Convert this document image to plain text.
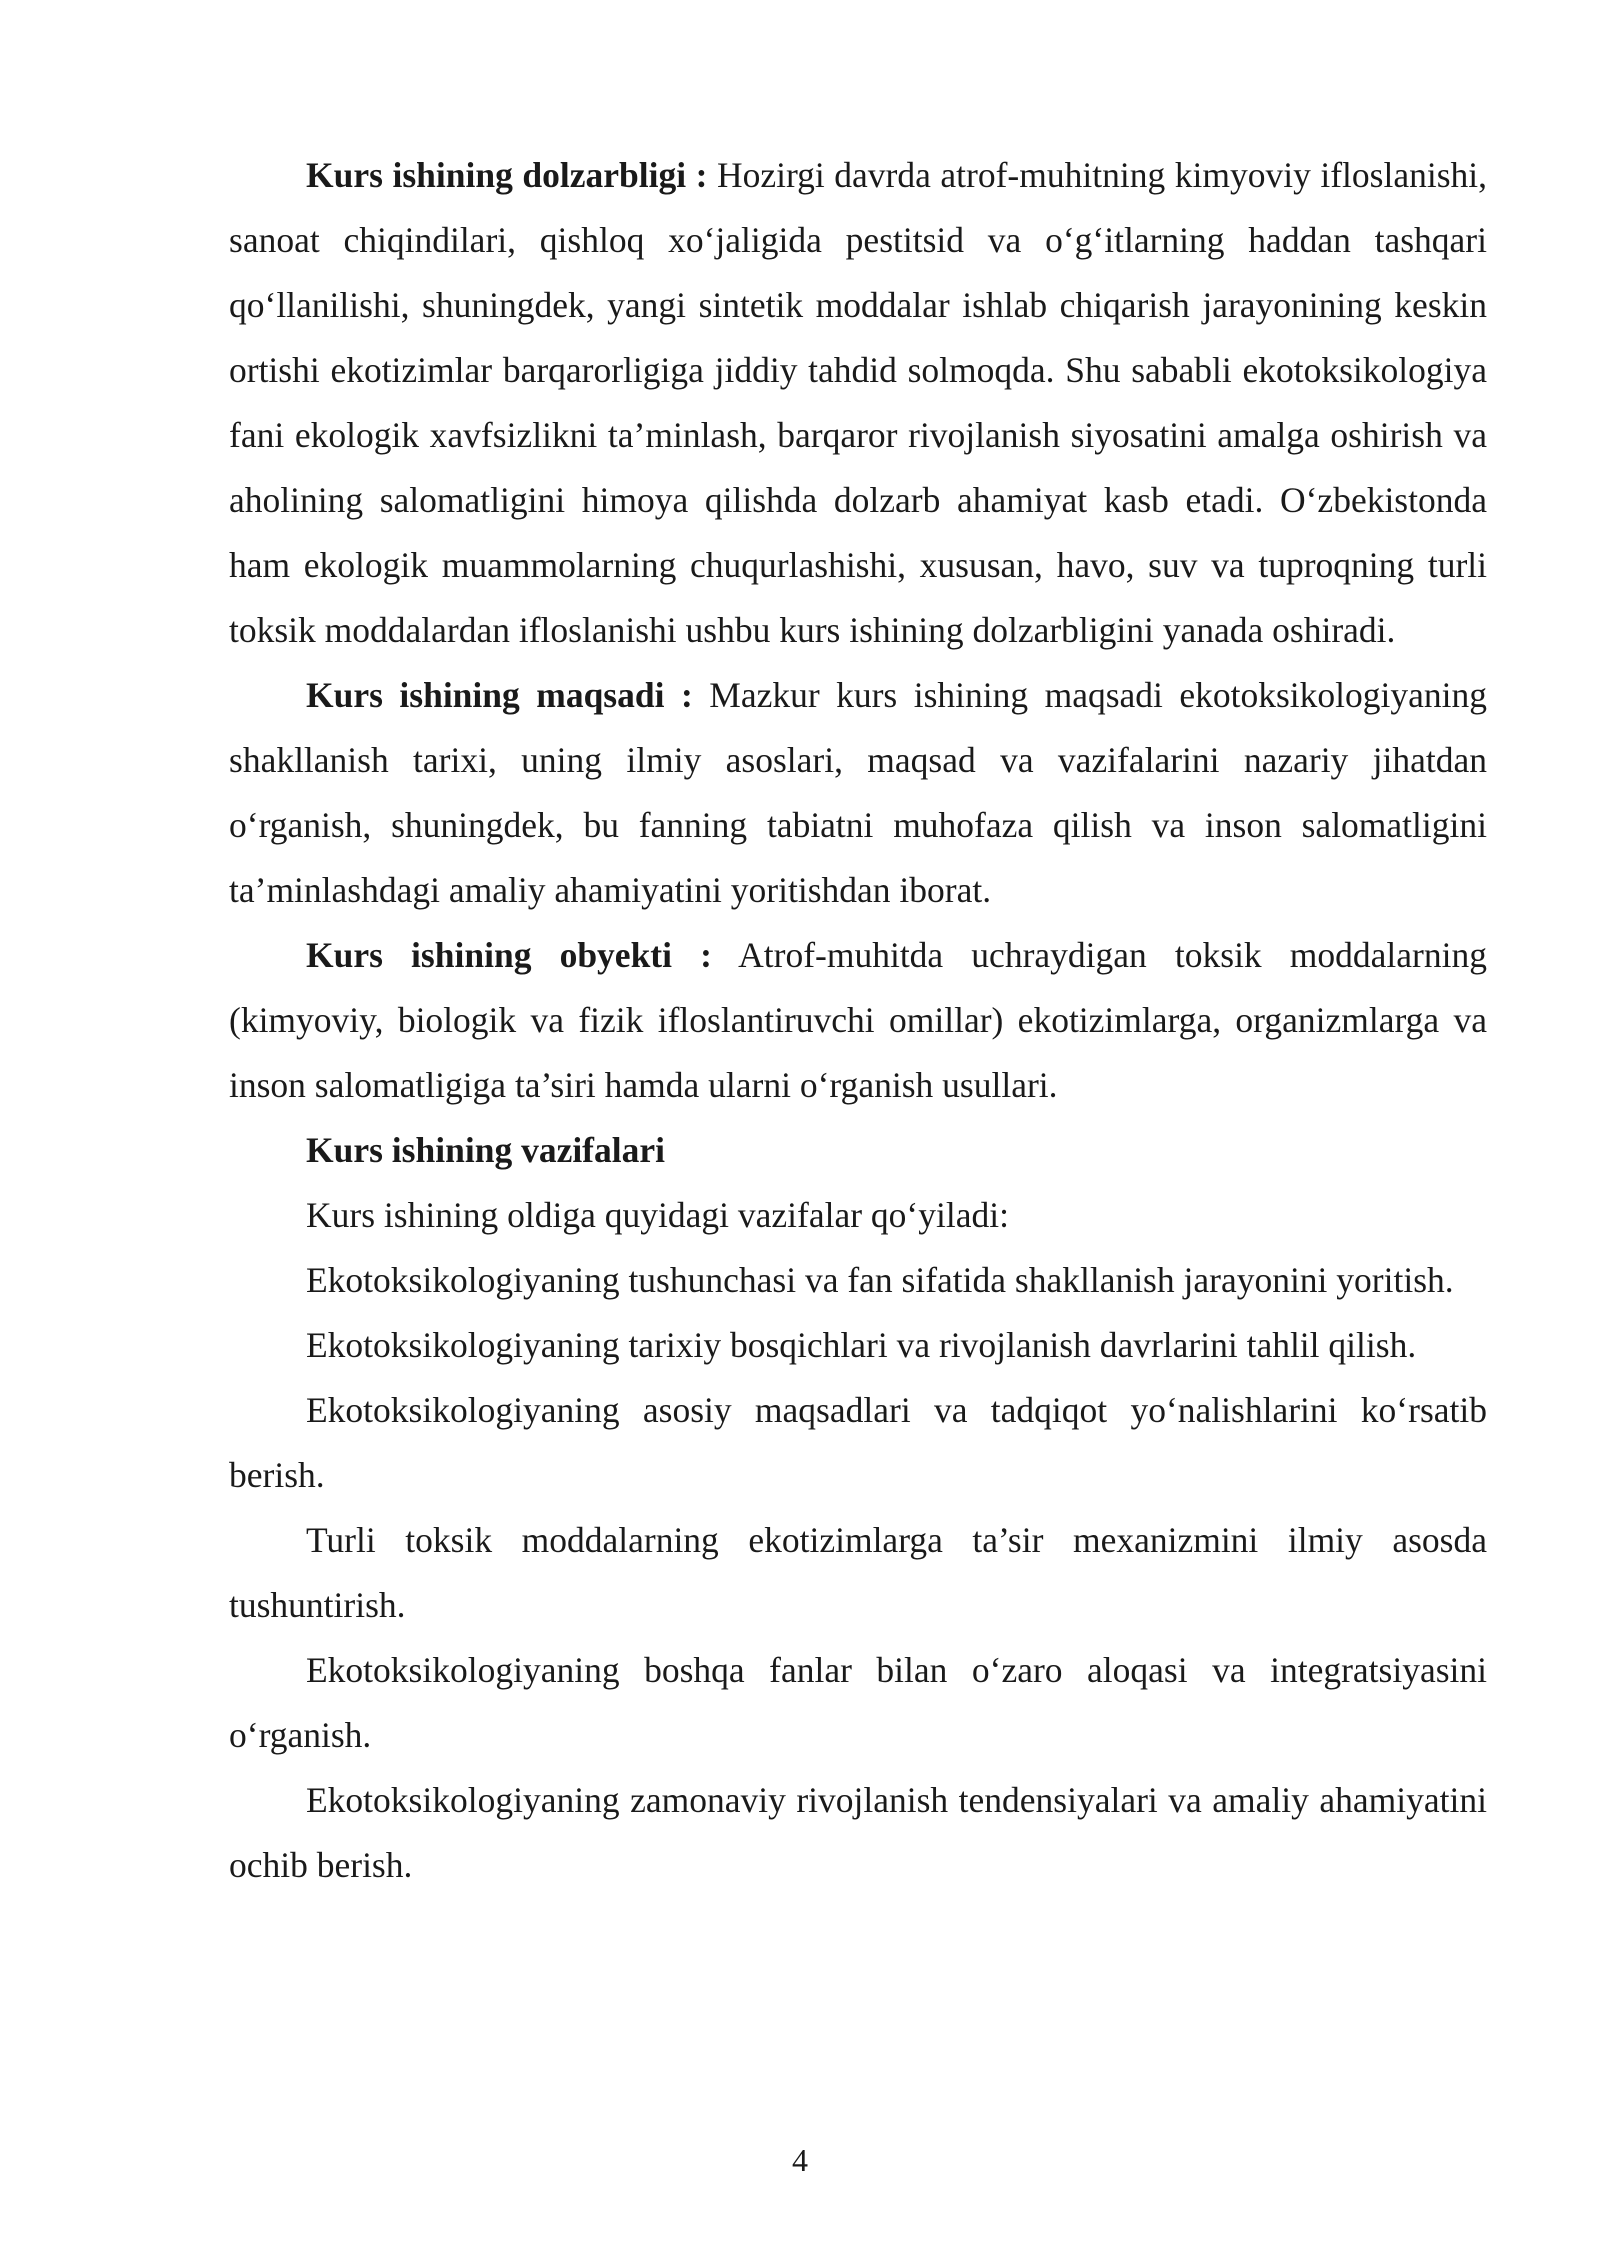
Kurs ishining dolzarbligi : Hozirgi davrda atrof-muhitning kimyoviy ifloslanishi, sanoat chiqindilari, qishloq xo‘jaligida pestitsid va o‘g‘itlarning haddan tashqari qo‘llanilishi, shuningdek, yangi sintetik moddalar ishlab chiqarish jarayonining keskin ortishi ekotizimlar barqarorligiga jiddiy tahdid solmoqda. Shu sababli ekotoksikologiya fani ekologik xavfsizlikni ta’minlash, barqaror rivojlanish siyosatini amalga oshirish va aholining salomatligini himoya qilishda dolzarb ahamiyat kasb etadi. O‘zbekistonda ham ekologik muammolarning chuqurlashishi, xususan, havo, suv va tuproqning turli toksik moddalardan ifloslanishi ushbu kurs ishining dolzarbligini yanada oshiradi.

Kurs ishining maqsadi : Mazkur kurs ishining maqsadi ekotoksikologiyaning shakllanish tarixi, uning ilmiy asoslari, maqsad va vazifalarini nazariy jihatdan o‘rganish, shuningdek, bu fanning tabiatni muhofaza qilish va inson salomatligini ta’minlashdagi amaliy ahamiyatini yoritishdan iborat.

Kurs ishining obyekti : Atrof-muhitda uchraydigan toksik moddalarning (kimyoviy, biologik va fizik ifloslantiruvchi omillar) ekotizimlarga, organizmlarga va inson salomatligiga ta’siri hamda ularni o‘rganish usullari.

Kurs ishining vazifalari

Kurs ishining oldiga quyidagi vazifalar qo‘yiladi:

Ekotoksikologiyaning tushunchasi va fan sifatida shakllanish jarayonini yoritish.

Ekotoksikologiyaning tarixiy bosqichlari va rivojlanish davrlarini tahlil qilish.

Ekotoksikologiyaning asosiy maqsadlari va tadqiqot yo‘nalishlarini ko‘rsatib berish.

Turli toksik moddalarning ekotizimlarga ta’sir mexanizmini ilmiy asosda tushuntirish.

Ekotoksikologiyaning boshqa fanlar bilan o‘zaro aloqasi va integratsiyasini o‘rganish.

Ekotoksikologiyaning zamonaviy rivojlanish tendensiyalari va amaliy ahamiyatini ochib berish.

4
